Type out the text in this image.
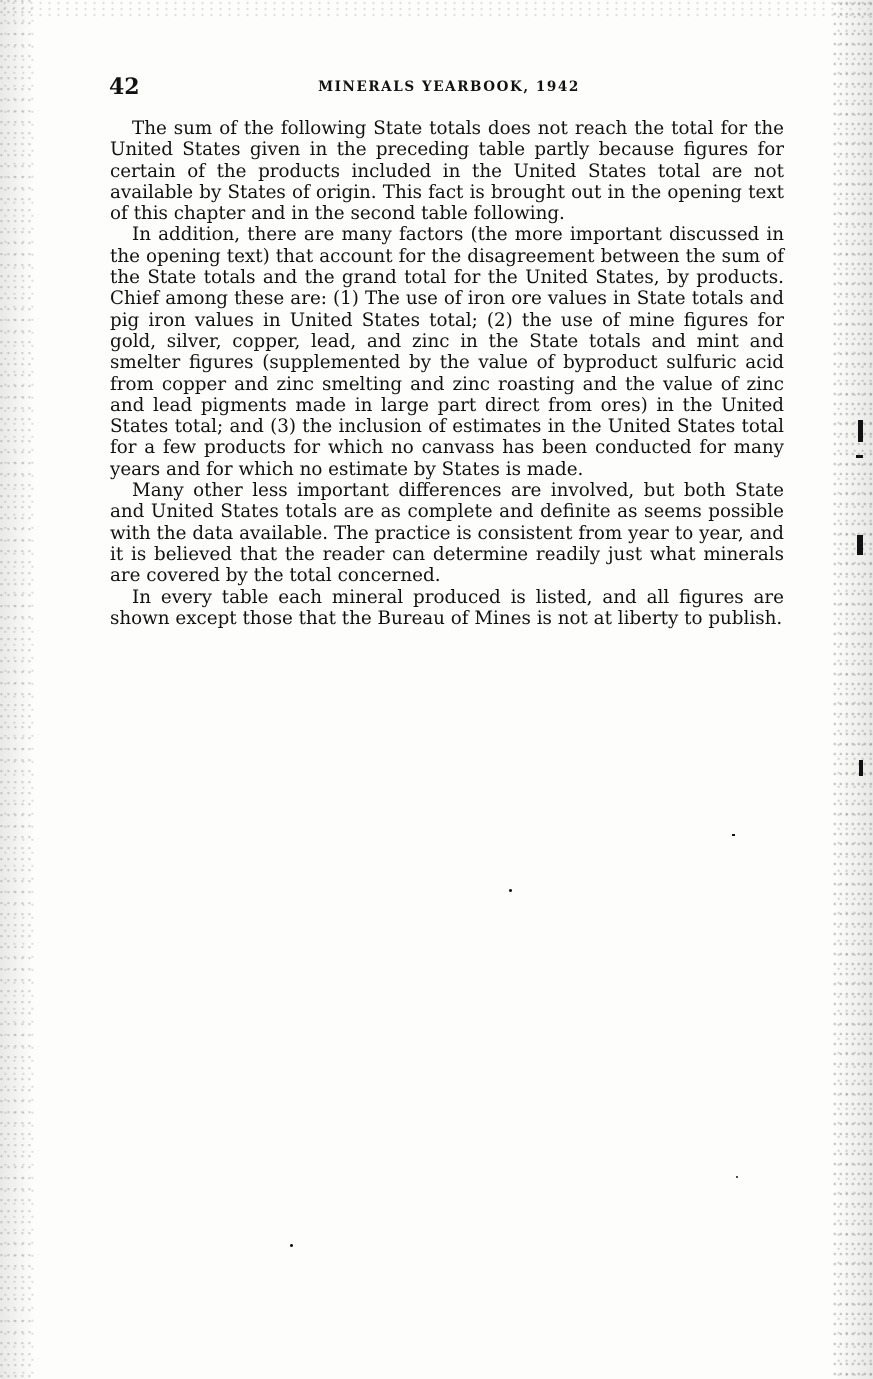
42	MINERALS YEARBOOK, 1942

The sum of the following State totals does not reach the total for the United States given in the preceding table partly because figures for certain of the products included in the United States total are not available by States of origin. This fact is brought out in the opening text of this chapter and in the second table following.

In addition, there are many factors (the more important discussed in the opening text) that account for the disagreement between the sum of the State totals and the grand total for the United States, by products. Chief among these are: (1) The use of iron ore values in State totals and pig iron values in United States total; (2) the use of mine figures for gold, silver, copper, lead, and zinc in the State totals and mint and smelter figures (supplemented by the value of byproduct sulfuric acid from copper and zinc smelting and zinc roasting and the value of zinc and lead pigments made in large part direct from ores) in the United States total; and (3) the inclusion of estimates in the United States total for a few products for which no canvass has been conducted for many years and for which no estimate by States is made.

Many other less important differences are involved, but both State and United States totals are as complete and definite as seems possible with the data available. The practice is consistent from year to year, and it is believed that the reader can determine readily just what minerals are covered by the total concerned.

In every table each mineral produced is listed, and all figures are shown except those that the Bureau of Mines is not at liberty to publish.
